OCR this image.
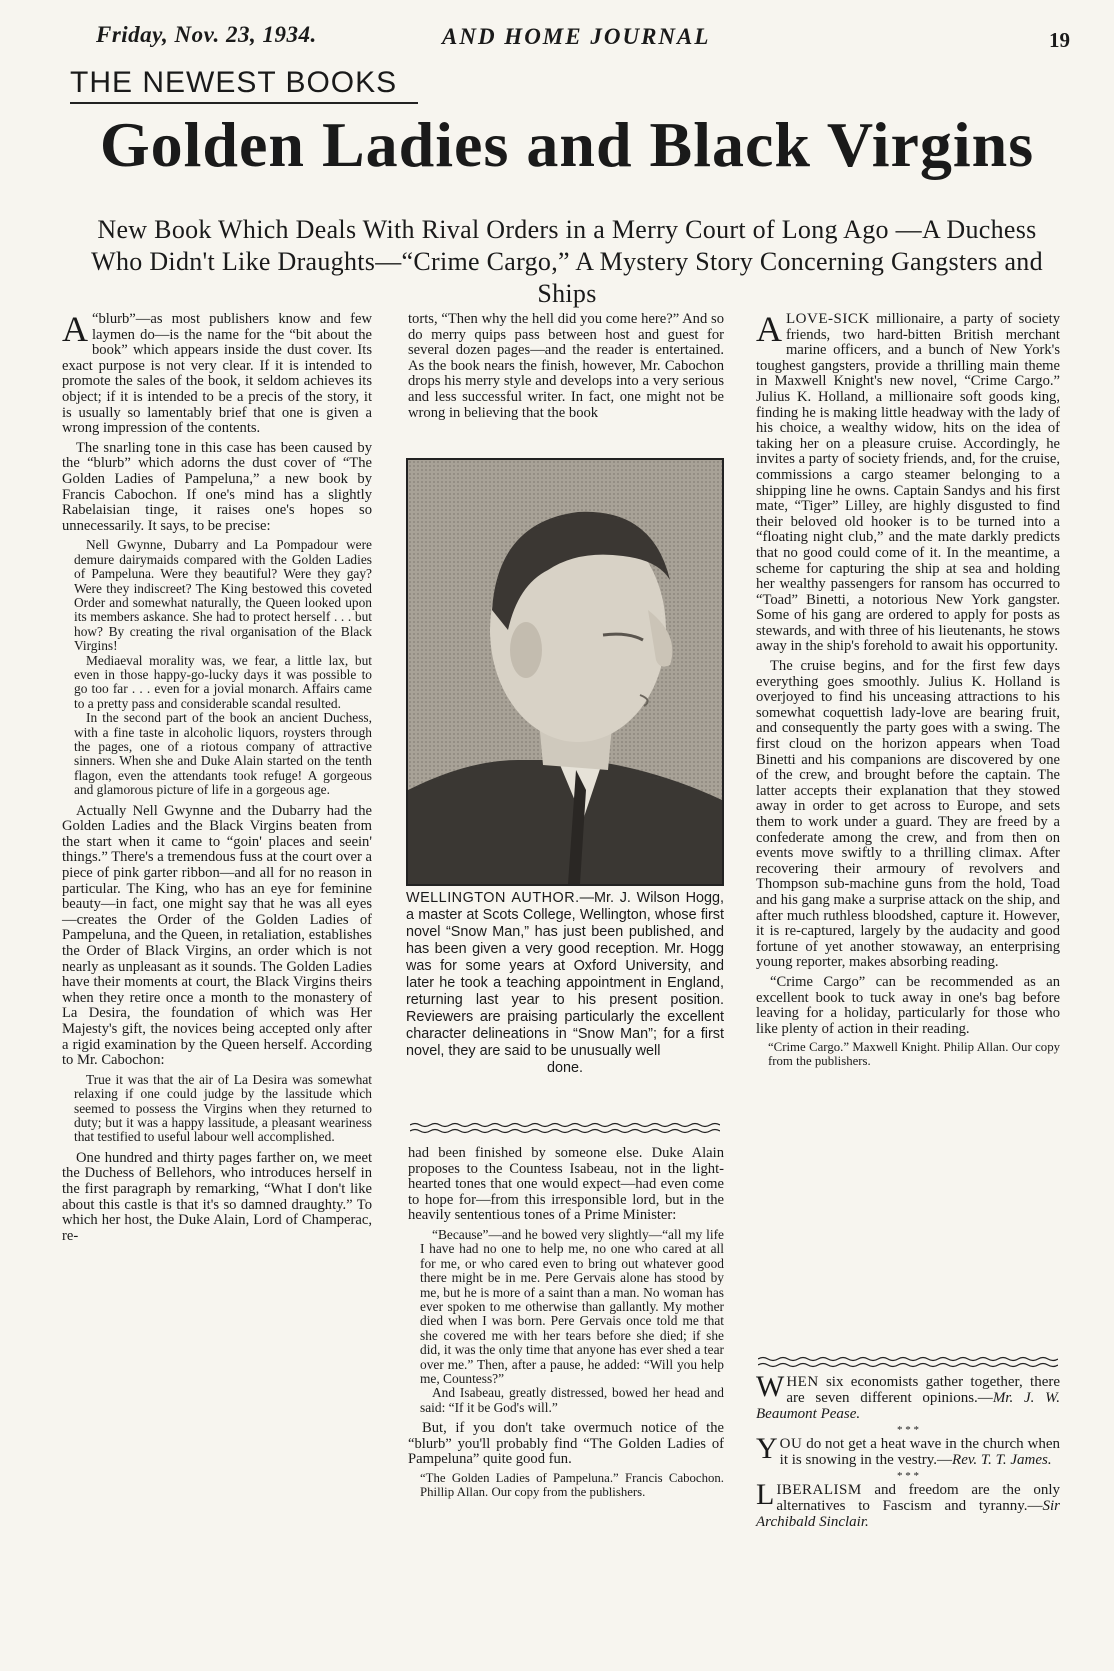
Friday, Nov. 23, 1934.	AND HOME JOURNAL	19
THE NEWEST BOOKS
Golden Ladies and Black Virgins
New Book Which Deals With Rival Orders in a Merry Court of Long Ago —A Duchess Who Didn't Like Draughts—“Crime Cargo,” A Mystery Story Concerning Gangsters and Ships

A “blurb”—as most publishers know and few laymen do—is the name for the “bit about the book” which appears inside the dust cover. Its exact purpose is not very clear. If it is intended to promote the sales of the book, it seldom achieves its object; if it is intended to be a precis of the story, it is usually so lamentably brief that one is given a wrong impression of the contents.

The snarling tone in this case has been caused by the “blurb” which adorns the dust cover of “The Golden Ladies of Pampeluna,” a new book by Francis Cabochon. If one's mind has a slightly Rabelaisian tinge, it raises one's hopes so unnecessarily. It says, to be precise:

Nell Gwynne, Dubarry and La Pompadour were demure dairymaids compared with the Golden Ladies of Pampeluna. Were they beautiful? Were they gay? Were they indiscreet? The King bestowed this coveted Order and somewhat naturally, the Queen looked upon its members askance. She had to protect herself . . . but how? By creating the rival organisation of the Black Virgins!

Mediaeval morality was, we fear, a little lax, but even in those happy-go-lucky days it was possible to go too far . . . even for a jovial monarch. Affairs came to a pretty pass and considerable scandal resulted.

In the second part of the book an ancient Duchess, with a fine taste in alcoholic liquors, roysters through the pages, one of a riotous company of attractive sinners. When she and Duke Alain started on the tenth flagon, even the attendants took refuge! A gorgeous and glamorous picture of life in a gorgeous age.

Actually Nell Gwynne and the Dubarry had the Golden Ladies and the Black Virgins beaten from the start when it came to “goin' places and seein' things.” There's a tremendous fuss at the court over a piece of pink garter ribbon—and all for no reason in particular. The King, who has an eye for feminine beauty—in fact, one might say that he was all eyes—creates the Order of the Golden Ladies of Pampeluna, and the Queen, in retaliation, establishes the Order of Black Virgins, an order which is not nearly as unpleasant as it sounds. The Golden Ladies have their moments at court, the Black Virgins theirs when they retire once a month to the monastery of La Desira, the foundation of which was Her Majesty's gift, the novices being accepted only after a rigid examination by the Queen herself. According to Mr. Cabochon:

True it was that the air of La Desira was somewhat relaxing if one could judge by the lassitude which seemed to possess the Virgins when they returned to duty; but it was a happy lassitude, a pleasant weariness that testified to useful labour well accomplished.

One hundred and thirty pages farther on, we meet the Duchess of Bellehors, who introduces herself in the first paragraph by remarking, “What I don't like about this castle is that it's so damned draughty.” To which her host, the Duke Alain, Lord of Champerac, re-

torts, “Then why the hell did you come here?” And so do merry quips pass between host and guest for several dozen pages—and the reader is entertained. As the book nears the finish, however, Mr. Cabochon drops his merry style and develops into a very serious and less successful writer. In fact, one might not be wrong in believing that the book

WELLINGTON AUTHOR.—Mr. J. Wilson Hogg, a master at Scots College, Wellington, whose first novel “Snow Man,” has just been published, and has been given a very good reception. Mr. Hogg was for some years at Oxford University, and later he took a teaching appointment in England, returning last year to his present position. Reviewers are praising particularly the excellent character delineations in “Snow Man”; for a first novel, they are said to be unusually well
done.

had been finished by someone else. Duke Alain proposes to the Countess Isabeau, not in the light-hearted tones that one would expect—had even come to hope for—from this irresponsible lord, but in the heavily sententious tones of a Prime Minister:

“Because”—and he bowed very slightly—“all my life I have had no one to help me, no one who cared at all for me, or who cared even to bring out whatever good there might be in me. Pere Gervais alone has stood by me, but he is more of a saint than a man. No woman has ever spoken to me otherwise than gallantly. My mother died when I was born. Pere Gervais once told me that she covered me with her tears before she died; if she did, it was the only time that anyone has ever shed a tear over me.” Then, after a pause, he added: “Will you help me, Countess?”

And Isabeau, greatly distressed, bowed her head and said: “If it be God's will.”

But, if you don't take overmuch notice of the “blurb” you'll probably find “The Golden Ladies of Pampeluna” quite good fun.

“The Golden Ladies of Pampeluna.” Francis Cabochon. Phillip Allan. Our copy from the publishers.

ALOVE-SICK millionaire, a party of society friends, two hard-bitten British merchant marine officers, and a bunch of New York's toughest gangsters, provide a thrilling main theme in Maxwell Knight's new novel, “Crime Cargo.” Julius K. Holland, a millionaire soft goods king, finding he is making little headway with the lady of his choice, a wealthy widow, hits on the idea of taking her on a pleasure cruise. Accordingly, he invites a party of society friends, and, for the cruise, commissions a cargo steamer belonging to a shipping line he owns. Captain Sandys and his first mate, “Tiger” Lilley, are highly disgusted to find their beloved old hooker is to be turned into a “floating night club,” and the mate darkly predicts that no good could come of it. In the meantime, a scheme for capturing the ship at sea and holding her wealthy passengers for ransom has occurred to “Toad” Binetti, a notorious New York gangster. Some of his gang are ordered to apply for posts as stewards, and with three of his lieutenants, he stows away in the ship's forehold to await his opportunity.

The cruise begins, and for the first few days everything goes smoothly. Julius K. Holland is overjoyed to find his unceasing attractions to his somewhat coquettish lady-love are bearing fruit, and consequently the party goes with a swing. The first cloud on the horizon appears when Toad Binetti and his companions are discovered by one of the crew, and brought before the captain. The latter accepts their explanation that they stowed away in order to get across to Europe, and sets them to work under a guard. They are freed by a confederate among the crew, and from then on events move swiftly to a thrilling climax. After recovering their armoury of revolvers and Thompson sub-machine guns from the hold, Toad and his gang make a surprise attack on the ship, and after much ruthless bloodshed, capture it. However, it is re-captured, largely by the audacity and good fortune of yet another stowaway, an enterprising young reporter, makes absorbing reading.

“Crime Cargo” can be recommended as an excellent book to tuck away in one's bag before leaving for a holiday, particularly for those who like plenty of action in their reading.

“Crime Cargo.” Maxwell Knight. Philip Allan. Our copy from the publishers.
WHEN six economists gather together, there are seven different opinions.—Mr. J. W. Beaumont Pease.
* * *
YOU do not get a heat wave in the church when it is snowing in the vestry.—Rev. T. T. James.
* * *
LIBERALISM and freedom are the only alternatives to Fascism and tyranny.—Sir Archibald Sinclair.
